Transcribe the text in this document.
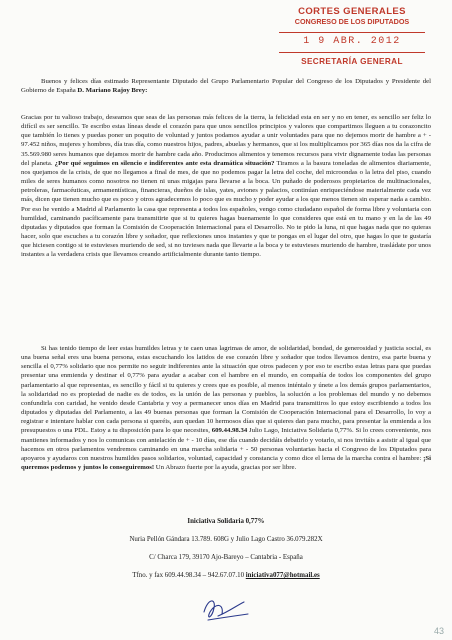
CORTES GENERALES
CONGRESO DE LOS DIPUTADOS
1 9 ABR. 2012
SECRETARÍA GENERAL

Buenos y felices días estimado Representante Diputado del Grupo Parlamentario Popular del Congreso de los Diputados y Presidente del Gobierno de España D. Mariano Rajoy Brey:

Gracias por tu valioso trabajo, deseamos que seas de las personas más felices de la tierra, la felicidad esta en ser y no en tener, es sencillo ser feliz lo difícil es ser sencillo. Te escribo estas líneas desde el corazón para que unos sencillos principios y valores que compartimos lleguen a tu corazoncito que también lo tienes y puedas poner un poquito de voluntad y juntos podamos ayudar a unir voluntades para que no dejemos morir de hambre a + - 97.452 niños, mujeres y hombres, día tras día, como nuestros hijos, padres, abuelas y hermanos, que si los multiplicamos por 365 días nos da la cifra de 35.569.980 seres humanos que dejamos morir de hambre cada año. Producimos alimentos y tenemos recursos para vivir dignamente todas las personas del planeta. ¿Por qué seguimos en silencio e indiferentes ante esta dramática situación? Tiramos a la basura toneladas de alimentos diariamente, nos quejamos de la crisis, de que no llegamos a final de mes, de que no podemos pagar la letra del coche, del microondas o la letra del piso, cuando miles de seres humanos como nosotros no tienen ni unas migajas para llevarse a la boca. Un puñado de poderosos propietarios de multinacionales, petroleras, farmacéuticas, armamentísticas, financieras, dueños de islas, yates, aviones y palacios, continúan enriqueciéndose materialmente cada vez más, dicen que tienen mucho que es poco y otros agradecemos lo poco que es mucho y poder ayudar a los que menos tienen sin esperar nada a cambio. Por eso he venido a Madrid al Parlamento la casa que representa a todos los españoles, vengo como ciudadano español de forma libre y voluntaria con humildad, caminando pacíficamente para transmitirte que si tu quieres hagas buenamente lo que consideres que está en tu mano y en la de las 49 diputadas y diputados que forman la Comisión de Cooperación Internacional para el Desarrollo. No te pido la luna, ni que hagas nada que no quieras hacer, solo que escuches a tu corazón libre y soñador, que reflexiones unos instantes y que te pongas en el lugar del otro, que hagas lo que te gustaría que hiciesen contigo si te estuvieses muriendo de sed, si no tuvieses nada que llevarte a la boca y te estuvieses muriendo de hambre, trasládate por unos instantes a la verdadera crisis que llevamos creando artificialmente durante tanto tiempo.

Si has tenido tiempo de leer estas humildes letras y te caen unas lagrimas de amor, de solidaridad, bondad, de generosidad y justicia social, es una buena señal eres una buena persona, estas escuchando los latidos de ese corazón libre y soñador que todos llevamos dentro, esa parte buena y sencilla el 0,77% solidario que nos permite no seguir indiferentes ante la situación que otros padecen y por eso te escribo estas letras para que puedas presentar una enmienda y destinar el 0,77% para ayudar a acabar con el hambre en el mundo, en compañía de todos los componentes del grupo parlamentario al que representas, es sencillo y fácil si tu quieres y crees que es posible, al menos inténtalo y únete a los demás grupos parlamentarios, la solidaridad no es propiedad de nadie es de todos, es la unión de las personas y pueblos, la solución a los problemas del mundo y no debemos confundirla con caridad, he venido desde Cantabria y voy a permanecer unos días en Madrid para transmitiros lo que estoy escribiendo a todos los diputados y diputadas del Parlamento, a las 49 buenas personas que forman la Comisión de Cooperación Internacional para el Desarrollo, lo voy a registrar e intentare hablar con cada persona si queréis, aun quedan 10 hermosos días que si quieres dan para mucho, para presentar la enmienda a los presupuestos o una PDL. Estoy a tu disposición para lo que necesites, 609.44.98.34 Julio Lago, Iniciativa Solidaria 0,77%. Si lo crees conveniente, nos mantienes informados y nos lo comunicas con antelación de + - 10 días, ese día cuando decidáis debatirlo y votarlo, si nos invitáis a asistir al igual que hacemos en otros parlamentos vendremos caminando en una marcha solidaria + - 50 personas voluntarias hacia el Congreso de los Diputados para apoyaros y ayudaros con nuestros humildes pasos solidarios, voluntad, capacidad y constancia y como dice el lema de la marcha contra el hambre: ¡Si queremos podemos y juntos lo conseguiremos! Un Abrazo fuerte por la ayuda, gracias por ser libre.

Iniciativa Solidaria 0,77%
Nuria Pellón Gándara 13.789. 608G y Julio Lago Castro 36.079.282X
C/ Charca 179, 39170 Ajo-Bareyo – Cantabria - España
Tfno. y fax 609.44.98.34 – 942.67.07.10 iniciativa077@hotmail.es
43
